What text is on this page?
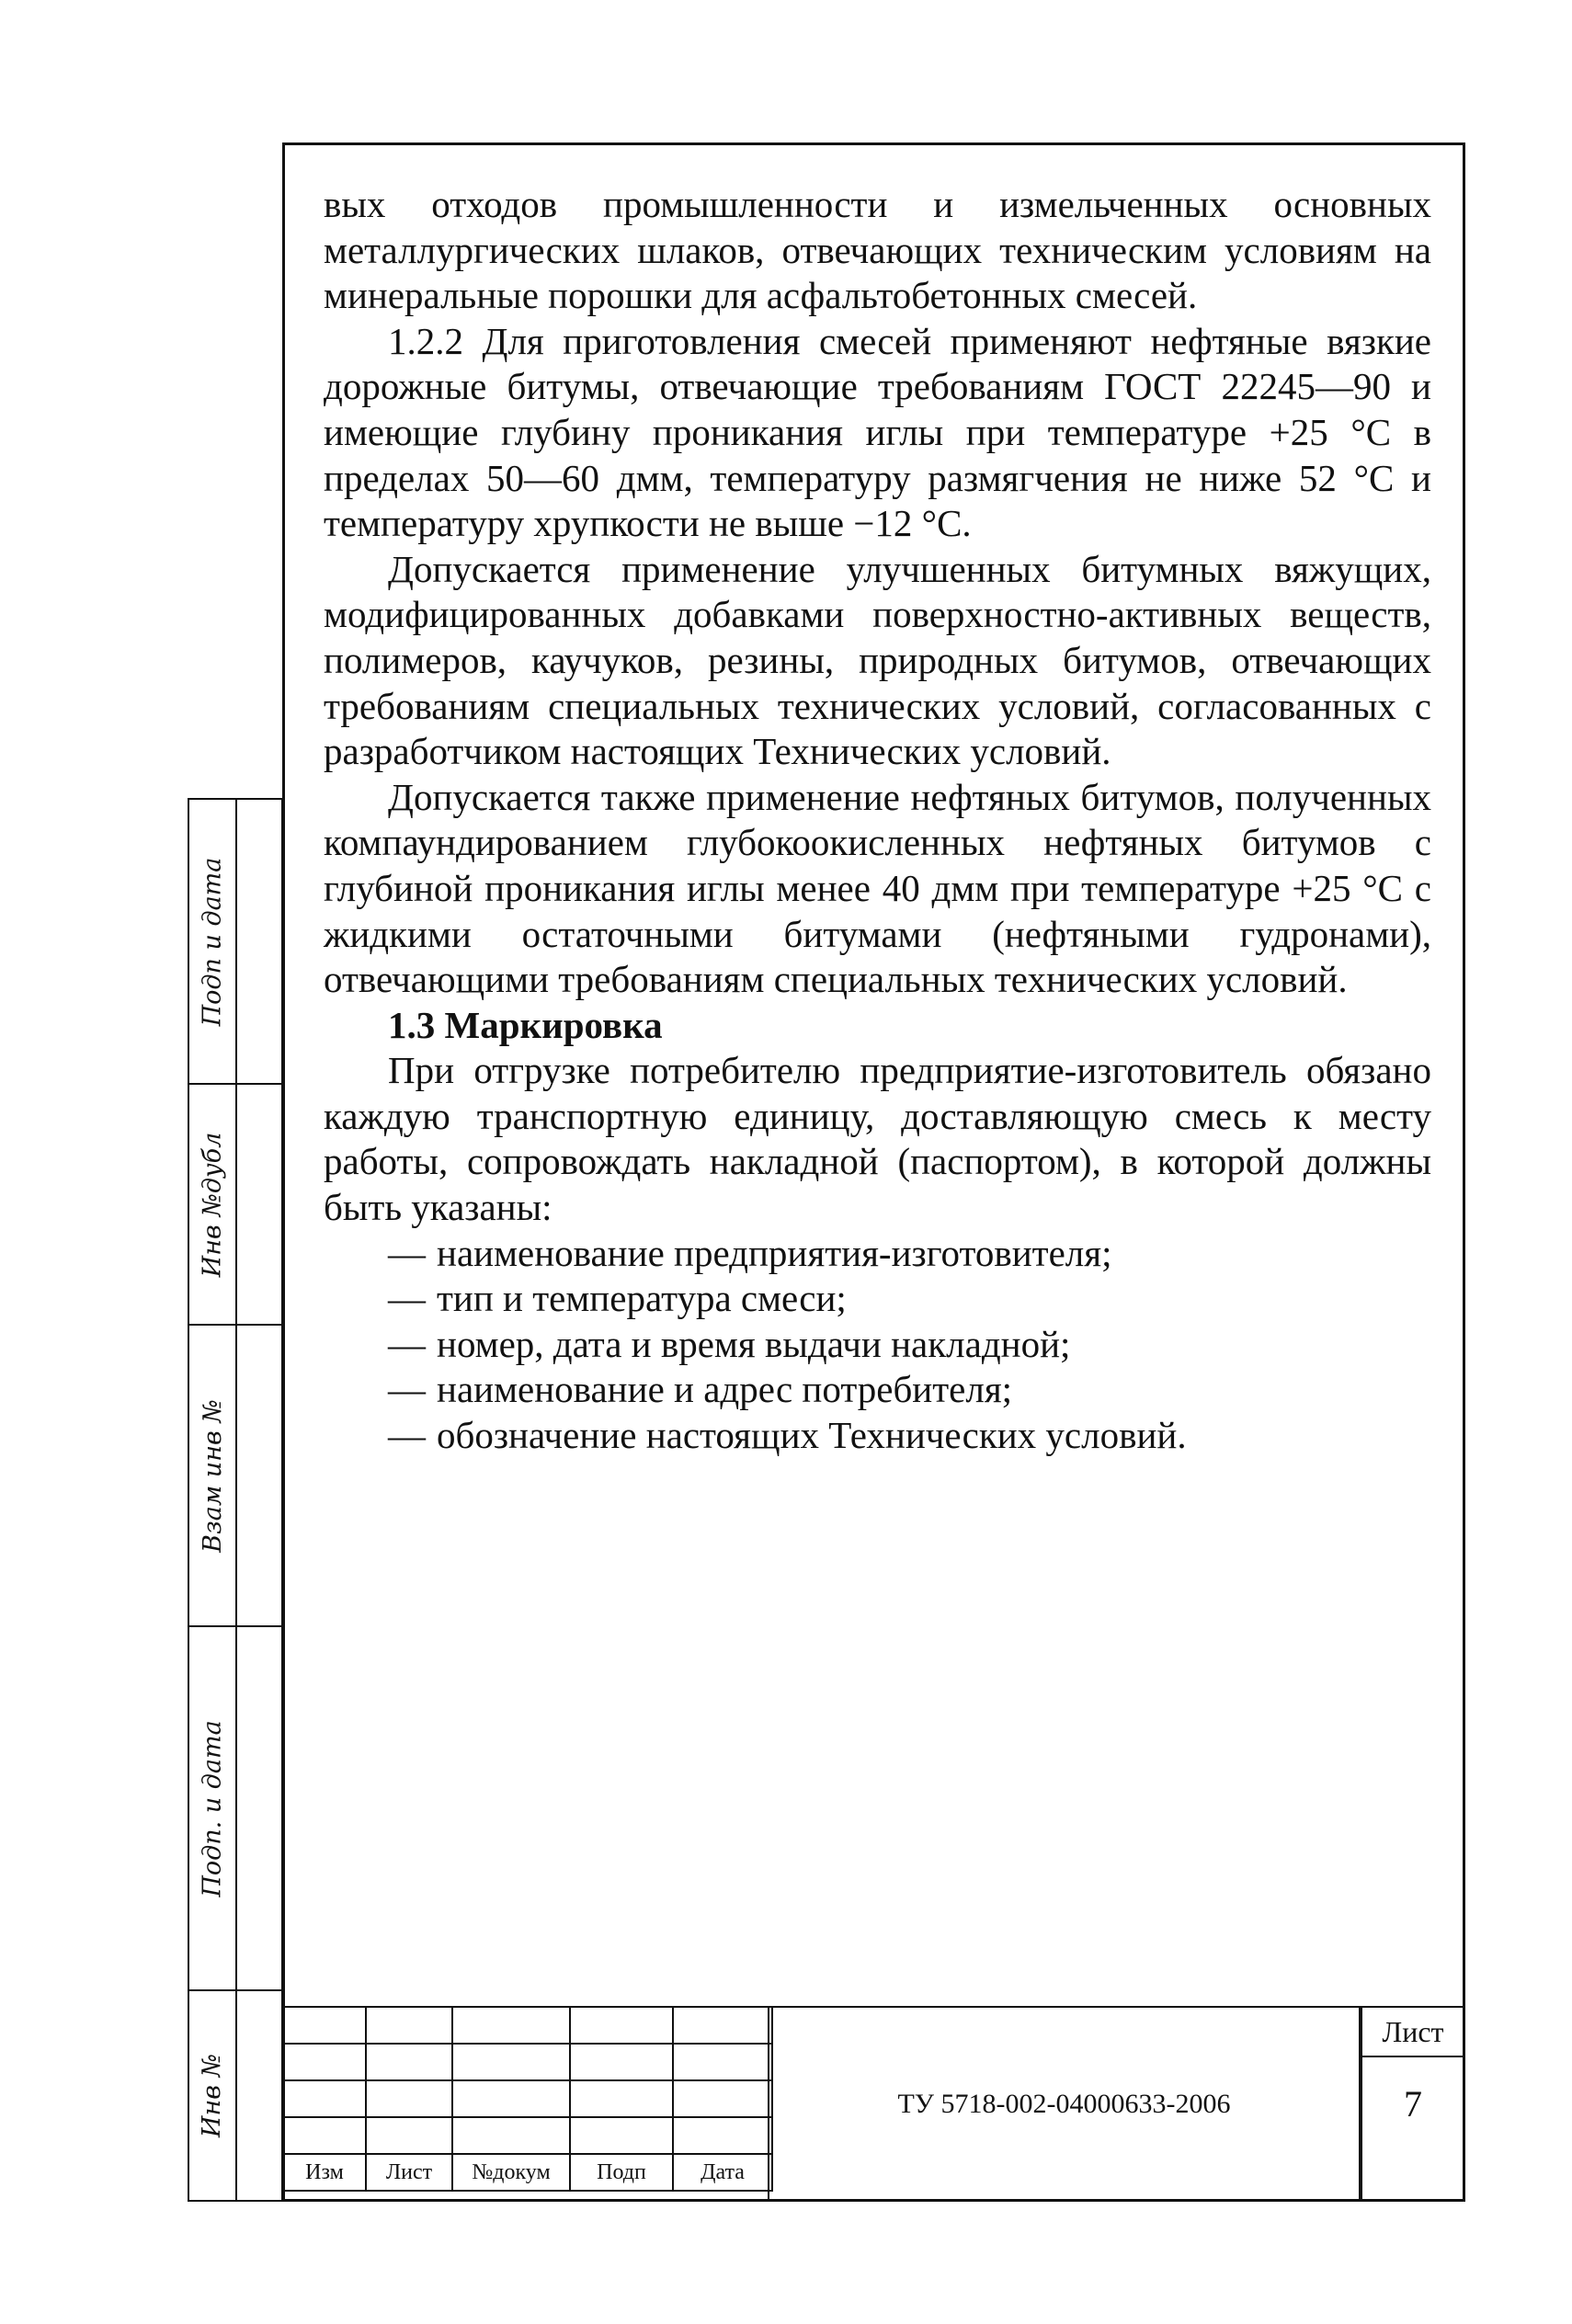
вых отходов промышленности и измельченных основных металлургических шлаков, отвечающих техническим условиям на минеральные порошки для асфальтобетонных смесей.

1.2.2 Для приготовления смесей применяют нефтяные вязкие дорожные битумы, отвечающие требованиям ГОСТ 22245—90 и имеющие глубину проникания иглы при температуре +25 °С в пределах 50—60 дмм, температуру размягчения не ниже 52 °С и температуру хрупкости не выше −12 °С.

Допускается применение улучшенных битумных вяжущих, модифицированных добавками поверхностно-активных веществ, полимеров, каучуков, резины, природных битумов, отвечающих требованиям специальных технических условий, согласованных с разработчиком настоящих Технических условий.

Допускается также применение нефтяных битумов, полученных компаундированием глубокоокисленных нефтяных битумов с глубиной проникания иглы менее 40 дмм при температуре +25 °С с жидкими остаточными битумами (нефтяными гудронами), отвечающими требованиям специальных технических условий.

1.3 Маркировка

При отгрузке потребителю предприятие-изготовитель обязано каждую транспортную единицу, доставляющую смесь к месту работы, сопровождать накладной (паспортом), в которой должны быть указаны:

— наименование предприятия-изготовителя;
— тип и температура смеси;
— номер, дата и время выдачи накладной;
— наименование и адрес потребителя;
— обозначение настоящих Технических условий.
Подп и дата
Инв №дубл
Взам инв №
Подп. и дата
Инв №

Изм	Лист	№докум	Подп	Дата
ТУ 5718-002-04000633-2006
Лист
7
